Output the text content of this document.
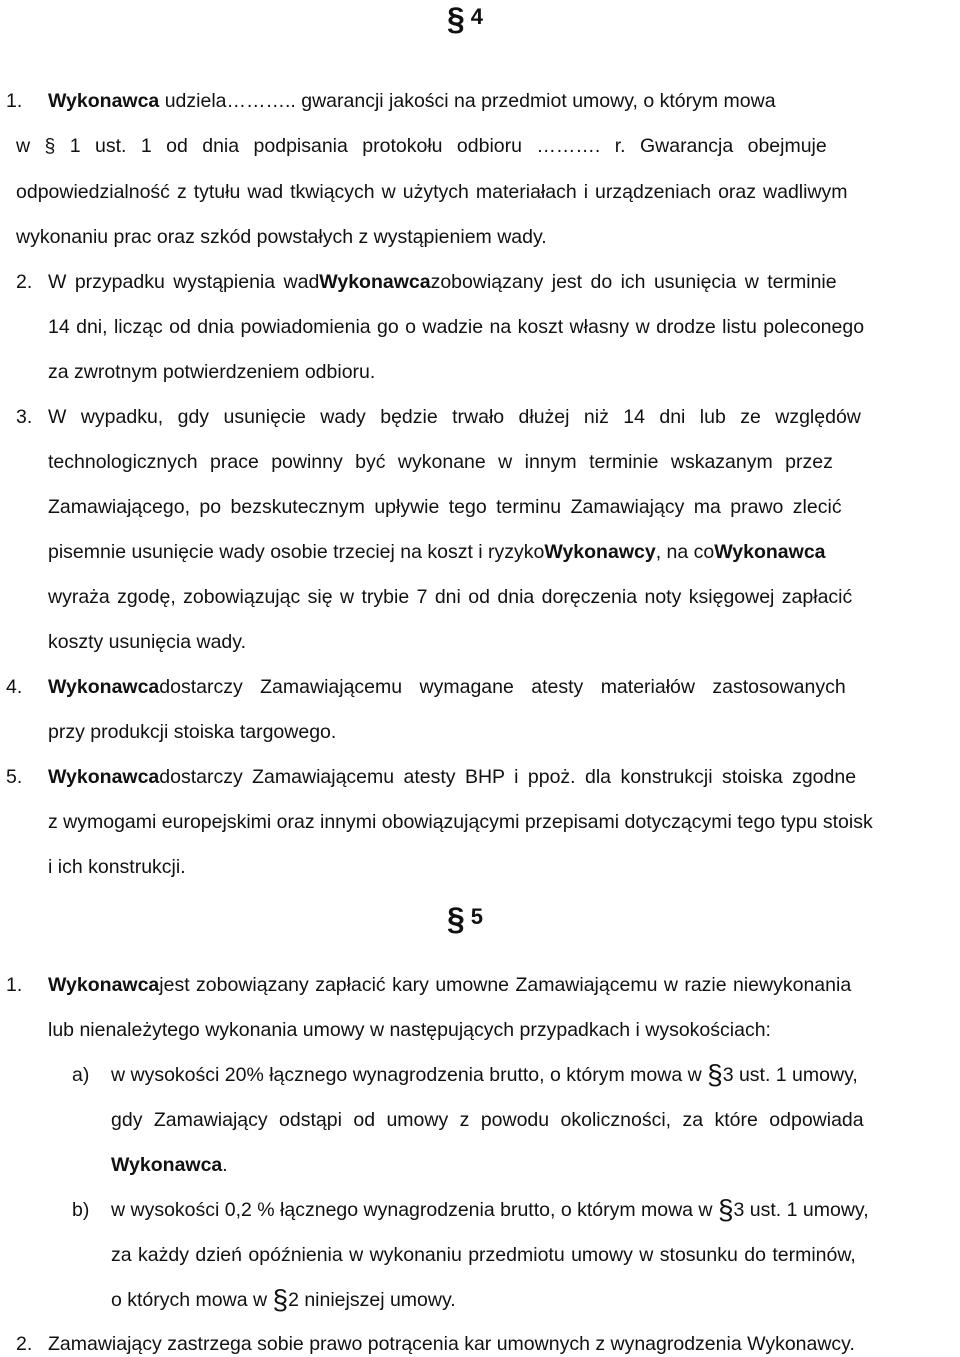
§ 4
1. Wykonawca udziela……….. gwarancji jakości na przedmiot umowy, o którym mowa
w § 1 ust. 1 od dnia podpisania protokołu odbioru ………. r. Gwarancja obejmuje
odpowiedzialność z tytułu wad tkwiących w użytych materiałach i urządzeniach oraz wadliwym
wykonaniu prac oraz szkód powstałych z wystąpieniem wady.
2. W przypadku wystąpienia wad Wykonawca zobowiązany jest do ich usunięcia w terminie
14 dni, licząc od dnia powiadomienia go o wadzie na koszt własny w drodze listu poleconego
za zwrotnym potwierdzeniem odbioru.
3. W wypadku, gdy usunięcie wady będzie trwało dłużej niż 14 dni lub ze względów
technologicznych prace powinny być wykonane w innym terminie wskazanym przez
Zamawiającego, po bezskutecznym upływie tego terminu Zamawiający ma prawo zlecić
pisemnie usunięcie wady osobie trzeciej na koszt i ryzyko Wykonawcy , na co Wykonawca
wyraża zgodę, zobowiązując się w trybie 7 dni od dnia doręczenia noty księgowej zapłacić
koszty usunięcia wady.
4. Wykonawca dostarczy Zamawiającemu wymagane atesty materiałów zastosowanych
przy produkcji stoiska targowego.
5. Wykonawca dostarczy Zamawiającemu atesty BHP i ppoż. dla konstrukcji stoiska zgodne
z wymogami europejskimi oraz innymi obowiązującymi przepisami dotyczącymi tego typu stoisk
i ich konstrukcji.
§ 5
1. Wykonawca jest zobowiązany zapłacić kary umowne Zamawiającemu w razie niewykonania
lub nienależytego wykonania umowy w następujących przypadkach i wysokościach:
a) w wysokości 20% łącznego wynagrodzenia brutto, o którym mowa w
§ 3 ust. 1 umowy,
gdy Zamawiający odstąpi od umowy z powodu okoliczności, za które odpowiada
Wykonawca .
b) w wysokości 0,2 % łącznego wynagrodzenia brutto, o którym mowa w
§ 3 ust. 1 umowy,
za każdy dzień opóźnienia w wykonaniu przedmiotu umowy w stosunku do terminów,
o których mowa w
§ 2 niniejszej umowy.
2. Zamawiający zastrzega sobie prawo potrącenia kar umownych z wynagrodzenia Wykonawcy.
